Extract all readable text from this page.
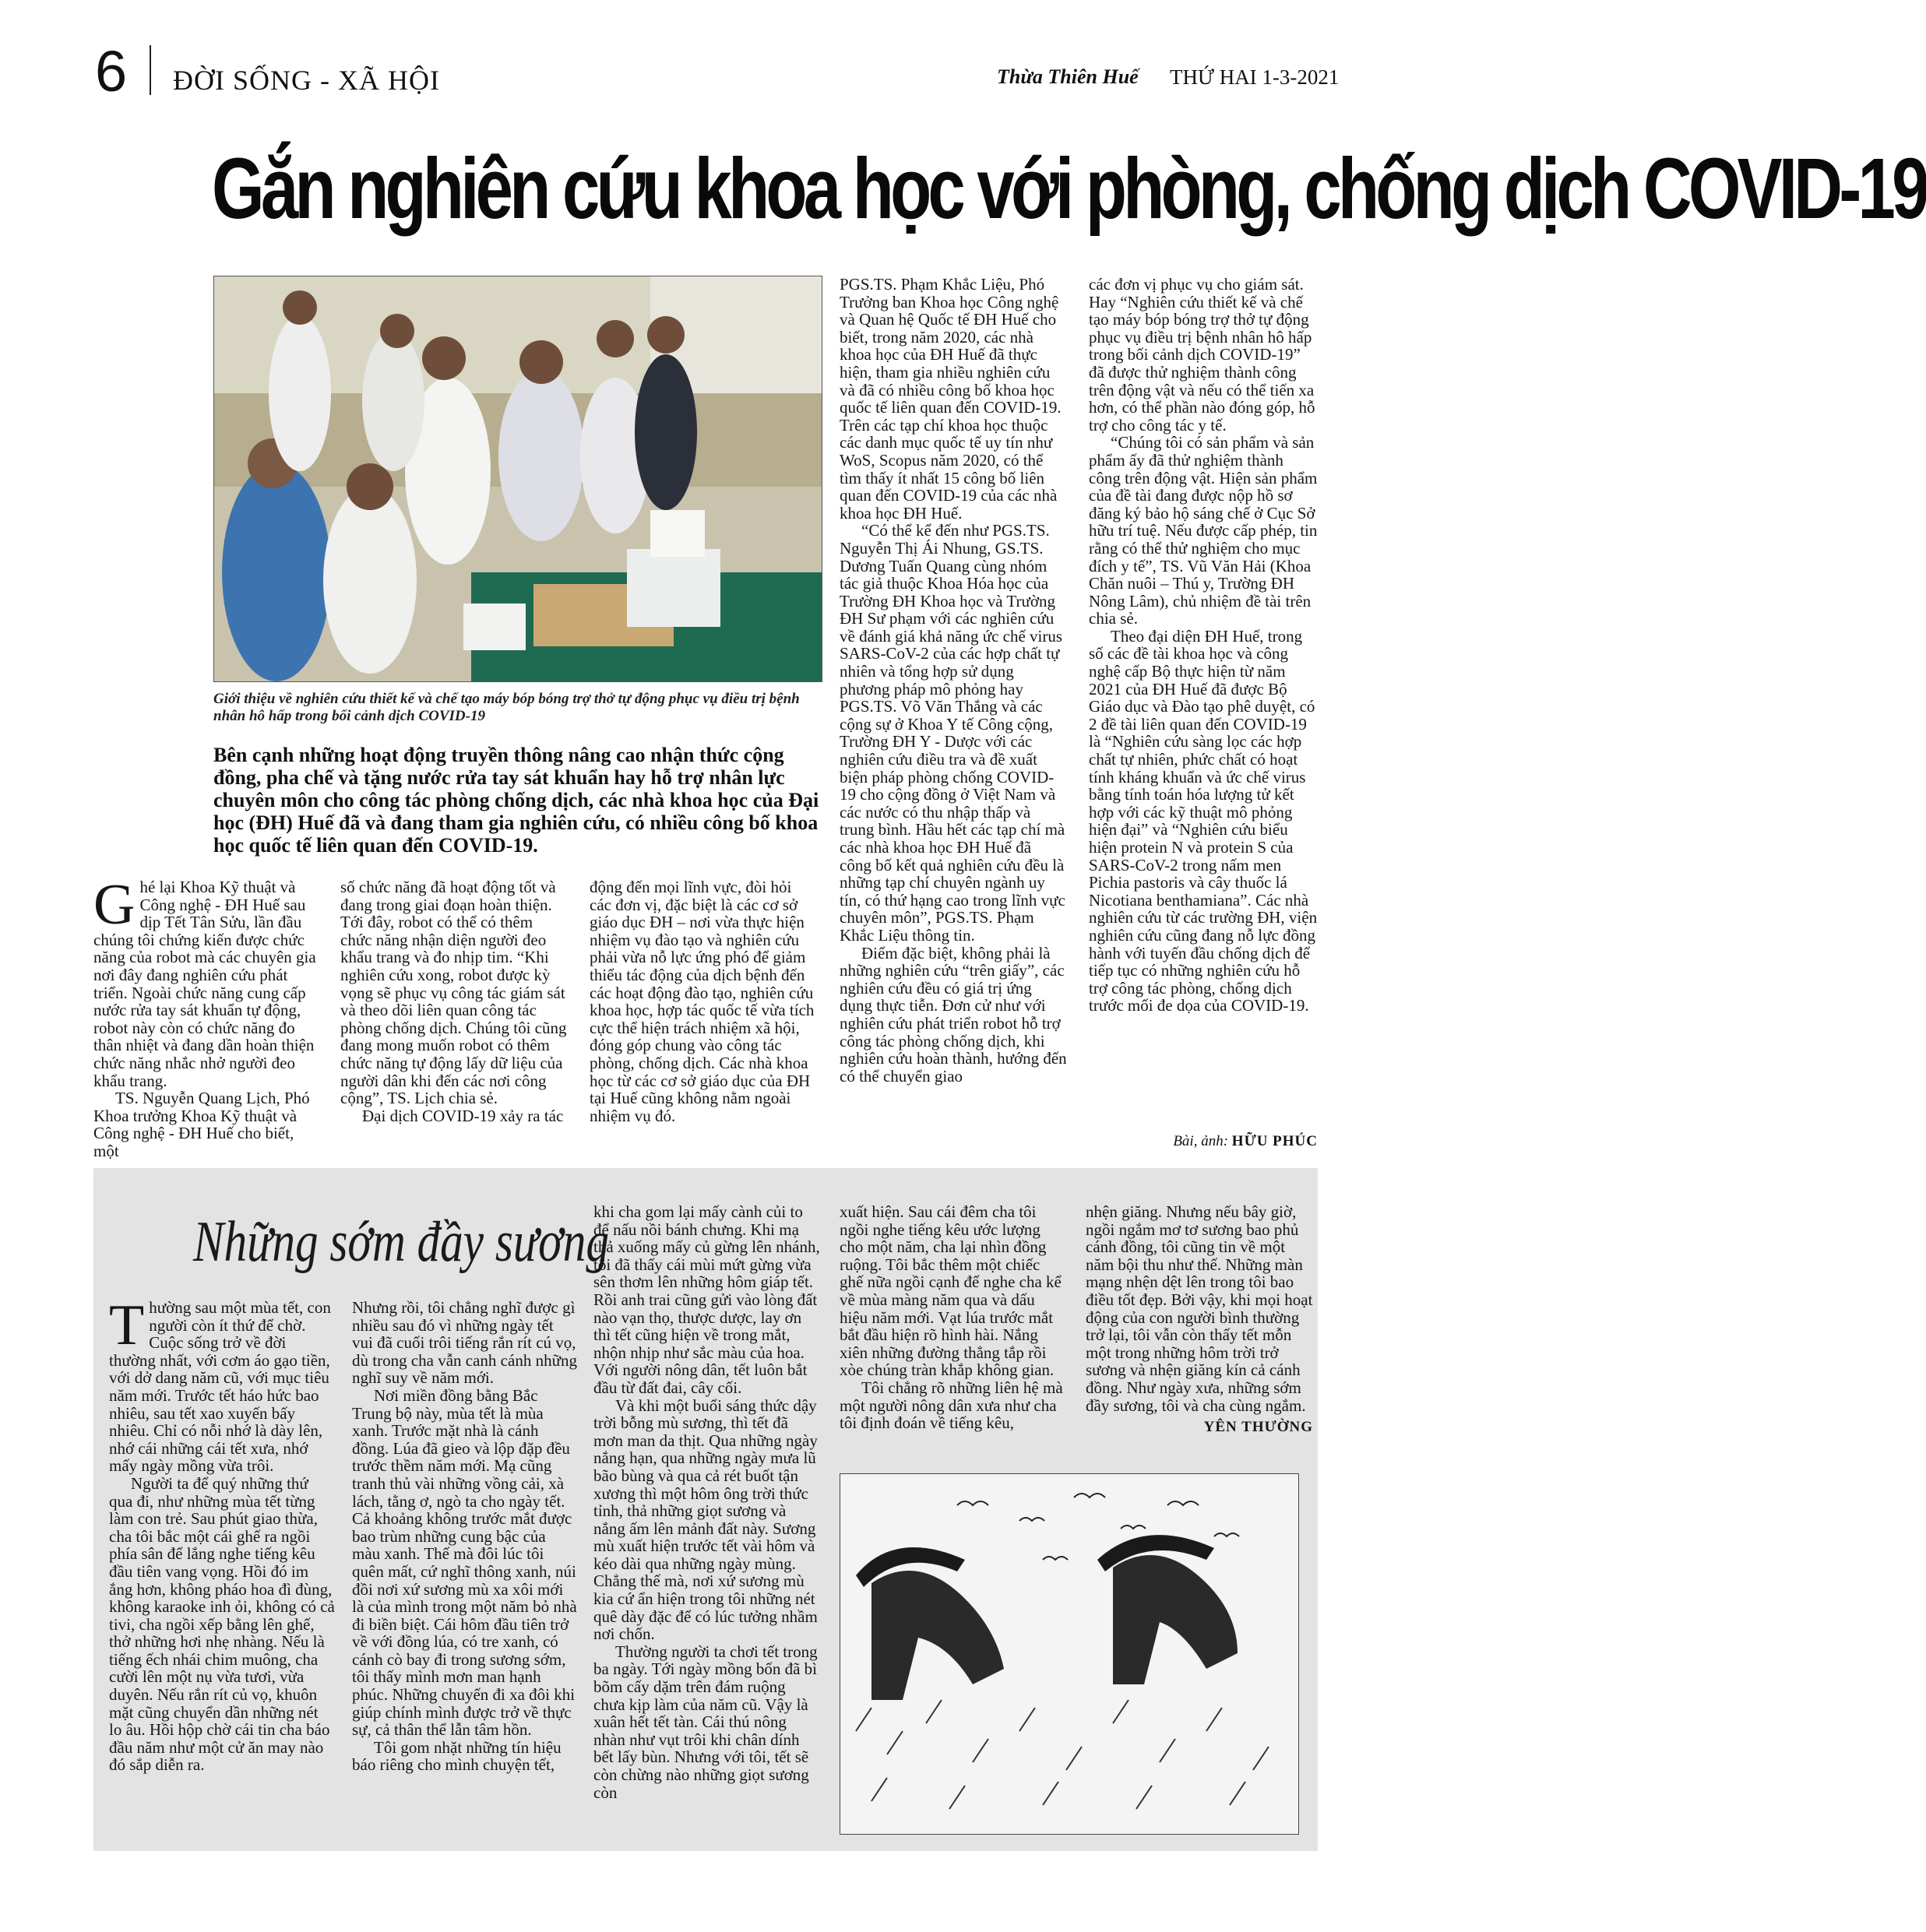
6 ĐỜI SỐNG - XÃ HỘI	Thừa Thiên Huế THỨ HAI 1-3-2021
Gắn nghiên cứu khoa học với phòng, chống dịch COVID-19
Giới thiệu về nghiên cứu thiết kế và chế tạo máy bóp bóng trợ thở tự động phục vụ điều trị bệnh nhân hô hấp trong bối cảnh dịch COVID-19
Bên cạnh những hoạt động truyền thông nâng cao nhận thức cộng đồng, pha chế và tặng nước rửa tay sát khuẩn hay hỗ trợ nhân lực chuyên môn cho công tác phòng chống dịch, các nhà khoa học của Đại học (ĐH) Huế đã và đang tham gia nghiên cứu, có nhiều công bố khoa học quốc tế liên quan đến COVID-19.

Ghé lại Khoa Kỹ thuật và Công nghệ - ĐH Huế sau dịp Tết Tân Sửu, lần đầu chúng tôi chứng kiến được chức năng của robot mà các chuyên gia nơi đây đang nghiên cứu phát triển. Ngoài chức năng cung cấp nước rửa tay sát khuẩn tự động, robot này còn có chức năng đo thân nhiệt và đang dần hoàn thiện chức năng nhắc nhở người đeo khẩu trang.

TS. Nguyễn Quang Lịch, Phó Khoa trưởng Khoa Kỹ thuật và Công nghệ - ĐH Huế cho biết, một

số chức năng đã hoạt động tốt và đang trong giai đoạn hoàn thiện. Tới đây, robot có thể có thêm chức năng nhận diện người đeo khẩu trang và đo nhịp tim. “Khi nghiên cứu xong, robot được kỳ vọng sẽ phục vụ công tác giám sát và theo dõi liên quan công tác phòng chống dịch. Chúng tôi cũng đang mong muốn robot có thêm chức năng tự động lấy dữ liệu của người dân khi đến các nơi công cộng”, TS. Lịch chia sẻ.

Đại dịch COVID-19 xảy ra tác

động đến mọi lĩnh vực, đòi hỏi các đơn vị, đặc biệt là các cơ sở giáo dục ĐH – nơi vừa thực hiện nhiệm vụ đào tạo và nghiên cứu phải vừa nỗ lực ứng phó để giảm thiểu tác động của dịch bệnh đến các hoạt động đào tạo, nghiên cứu khoa học, hợp tác quốc tế vừa tích cực thể hiện trách nhiệm xã hội, đóng góp chung vào công tác phòng, chống dịch. Các nhà khoa học từ các cơ sở giáo dục của ĐH tại Huế cũng không nằm ngoài nhiệm vụ đó.

PGS.TS. Phạm Khắc Liệu, Phó Trưởng ban Khoa học Công nghệ và Quan hệ Quốc tế ĐH Huế cho biết, trong năm 2020, các nhà khoa học của ĐH Huế đã thực hiện, tham gia nhiều nghiên cứu và đã có nhiều công bố khoa học quốc tế liên quan đến COVID-19. Trên các tạp chí khoa học thuộc các danh mục quốc tế uy tín như WoS, Scopus năm 2020, có thể tìm thấy ít nhất 15 công bố liên quan đến COVID-19 của các nhà khoa học ĐH Huế.

“Có thể kể đến như PGS.TS. Nguyễn Thị Ái Nhung, GS.TS. Dương Tuấn Quang cùng nhóm tác giả thuộc Khoa Hóa học của Trường ĐH Khoa học và Trường ĐH Sư phạm với các nghiên cứu về đánh giá khả năng ức chế virus SARS-CoV-2 của các hợp chất tự nhiên và tổng hợp sử dụng phương pháp mô phỏng hay PGS.TS. Võ Văn Thắng và các cộng sự ở Khoa Y tế Công cộng, Trường ĐH Y - Dược với các nghiên cứu điều tra và đề xuất biện pháp phòng chống COVID-19 cho cộng đồng ở Việt Nam và các nước có thu nhập thấp và trung bình. Hầu hết các tạp chí mà các nhà khoa học ĐH Huế đã công bố kết quả nghiên cứu đều là những tạp chí chuyên ngành uy tín, có thứ hạng cao trong lĩnh vực chuyên môn”, PGS.TS. Phạm Khắc Liệu thông tin.

Điểm đặc biệt, không phải là những nghiên cứu “trên giấy”, các nghiên cứu đều có giá trị ứng dụng thực tiễn. Đơn cử như với nghiên cứu phát triển robot hỗ trợ công tác phòng chống dịch, khi nghiên cứu hoàn thành, hướng đến có thể chuyển giao

các đơn vị phục vụ cho giám sát. Hay “Nghiên cứu thiết kế và chế tạo máy bóp bóng trợ thở tự động phục vụ điều trị bệnh nhân hô hấp trong bối cảnh dịch COVID-19” đã được thử nghiệm thành công trên động vật và nếu có thể tiến xa hơn, có thể phần nào đóng góp, hỗ trợ cho công tác y tế.

“Chúng tôi có sản phẩm và sản phẩm ấy đã thử nghiệm thành công trên động vật. Hiện sản phẩm của đề tài đang được nộp hồ sơ đăng ký bảo hộ sáng chế ở Cục Sở hữu trí tuệ. Nếu được cấp phép, tin rằng có thể thử nghiệm cho mục đích y tế”, TS. Vũ Văn Hải (Khoa Chăn nuôi – Thú y, Trường ĐH Nông Lâm), chủ nhiệm đề tài trên chia sẻ.

Theo đại diện ĐH Huế, trong số các đề tài khoa học và công nghệ cấp Bộ thực hiện từ năm 2021 của ĐH Huế đã được Bộ Giáo dục và Đào tạo phê duyệt, có 2 đề tài liên quan đến COVID-19 là “Nghiên cứu sàng lọc các hợp chất tự nhiên, phức chất có hoạt tính kháng khuẩn và ức chế virus bằng tính toán hóa lượng tử kết hợp với các kỹ thuật mô phỏng hiện đại” và “Nghiên cứu biểu hiện protein N và protein S của SARS-CoV-2 trong nấm men Pichia pastoris và cây thuốc lá Nicotiana benthamiana”. Các nhà nghiên cứu từ các trường ĐH, viện nghiên cứu cũng đang nỗ lực đồng hành với tuyến đầu chống dịch để tiếp tục có những nghiên cứu hỗ trợ công tác phòng, chống dịch trước mối đe dọa của COVID-19.

Bài, ảnh: HỮU PHÚC
Những sớm đầy sương

Thường sau một mùa tết, con người còn ít thứ để chờ. Cuộc sống trở về đời thường nhất, với cơm áo gạo tiền, với dở dang năm cũ, với mục tiêu năm mới. Trước tết háo hức bao nhiêu, sau tết xao xuyến bấy nhiêu. Chỉ có nỗi nhớ là dày lên, nhớ cái những cái tết xưa, nhớ mấy ngày mồng vừa trôi.

Người ta để quý những thứ qua đi, như những mùa tết từng làm con trẻ. Sau phút giao thừa, cha tôi bắc một cái ghế ra ngồi phía sân để lắng nghe tiếng kêu đầu tiên vang vọng. Hồi đó im ắng hơn, không pháo hoa đì đùng, không karaoke inh ỏi, không có cả tivi, cha ngồi xếp bằng lên ghế, thở những hơi nhẹ nhàng. Nếu là tiếng ếch nhái chim muông, cha cười lên một nụ vừa tươi, vừa duyên. Nếu rắn rít củ vọ, khuôn mặt cũng chuyển dần những nét lo âu. Hồi hộp chờ cái tin cha báo đầu năm như một cử ăn may nào đó sắp diễn ra.

Nhưng rồi, tôi chẳng nghĩ được gì nhiều sau đó vì những ngày tết vui đã cuối trôi tiếng rắn rít cú vọ, dù trong cha vẫn canh cánh những nghĩ suy về năm mới.

Nơi miền đồng bằng Bắc Trung bộ này, mùa tết là mùa xanh. Trước mặt nhà là cánh đồng. Lúa đã gieo và lộp đặp đều trước thềm năm mới. Mạ cũng tranh thủ vài những vồng cải, xà lách, tằng ơ, ngò ta cho ngày tết. Cả khoảng không trước mắt được bao trùm những cung bậc của màu xanh. Thế mà đôi lúc tôi quên mất, cứ nghĩ thông xanh, núi đồi nơi xứ sương mù xa xôi mới là của mình trong một năm bỏ nhà đi biền biệt. Cái hôm đầu tiên trở về với đồng lúa, có tre xanh, có cánh cò bay đi trong sương sớm, tôi thấy mình mơn man hạnh phúc. Những chuyến đi xa đôi khi giúp chính mình được trở về thực sự, cả thân thể lẫn tâm hồn.

Tôi gom nhặt những tín hiệu báo riêng cho mình chuyện tết,

khi cha gom lại mấy cành củi to để nấu nồi bánh chưng. Khi mạ thả xuống mấy củ gừng lên nhánh, tôi đã thấy cái mùi mứt gừng vừa sên thơm lên những hôm giáp tết. Rồi anh trai cũng gửi vào lòng đất nào vạn thọ, thược dược, lay ơn thì tết cũng hiện về trong mắt, nhộn nhịp như sắc màu của hoa. Với người nông dân, tết luôn bắt đầu từ đất đai, cây cối.

Và khi một buổi sáng thức dậy trời bỗng mù sương, thì tết đã mơn man da thịt. Qua những ngày nắng hạn, qua những ngày mưa lũ bão bùng và qua cả rét buốt tận xương thì một hôm ông trời thức tỉnh, thả những giọt sương và nắng ấm lên mảnh đất này. Sương mù xuất hiện trước tết vài hôm và kéo dài qua những ngày mùng. Chẳng thế mà, nơi xứ sương mù kia cứ ẩn hiện trong tôi những nét quê dày đặc để có lúc tưởng nhầm nơi chốn.

Thường người ta chơi tết trong ba ngày. Tới ngày mồng bốn đã bì bõm cấy dặm trên đám ruộng chưa kịp làm của năm cũ. Vậy là xuân hết tết tàn. Cái thú nông nhàn như vụt trôi khi chân dính bết lấy bùn. Nhưng với tôi, tết sẽ còn chừng nào những giọt sương còn

xuất hiện. Sau cái đêm cha tôi ngồi nghe tiếng kêu ước lượng cho một năm, cha lại nhìn đồng ruộng. Tôi bắc thêm một chiếc ghế nữa ngồi cạnh để nghe cha kể về mùa màng năm qua và dấu hiệu năm mới. Vạt lúa trước mắt bắt đầu hiện rõ hình hài. Nắng xiên những đường thẳng tắp rồi xòe chúng tràn khắp không gian.

Tôi chẳng rõ những liên hệ mà một người nông dân xưa như cha tôi định đoán về tiếng kêu,

nhện giăng. Nhưng nếu bây giờ, ngồi ngắm mơ tơ sương bao phủ cánh đồng, tôi cũng tin về một năm bội thu như thế. Những màn mạng nhện dệt lên trong tôi bao điều tốt đẹp. Bởi vậy, khi mọi hoạt động của con người bình thường trở lại, tôi vẫn còn thấy tết mỗn một trong những hôm trời trở sương và nhện giăng kín cả cánh đồng. Như ngày xưa, những sớm đầy sương, tôi và cha cùng ngắm.

YÊN THƯỜNG
